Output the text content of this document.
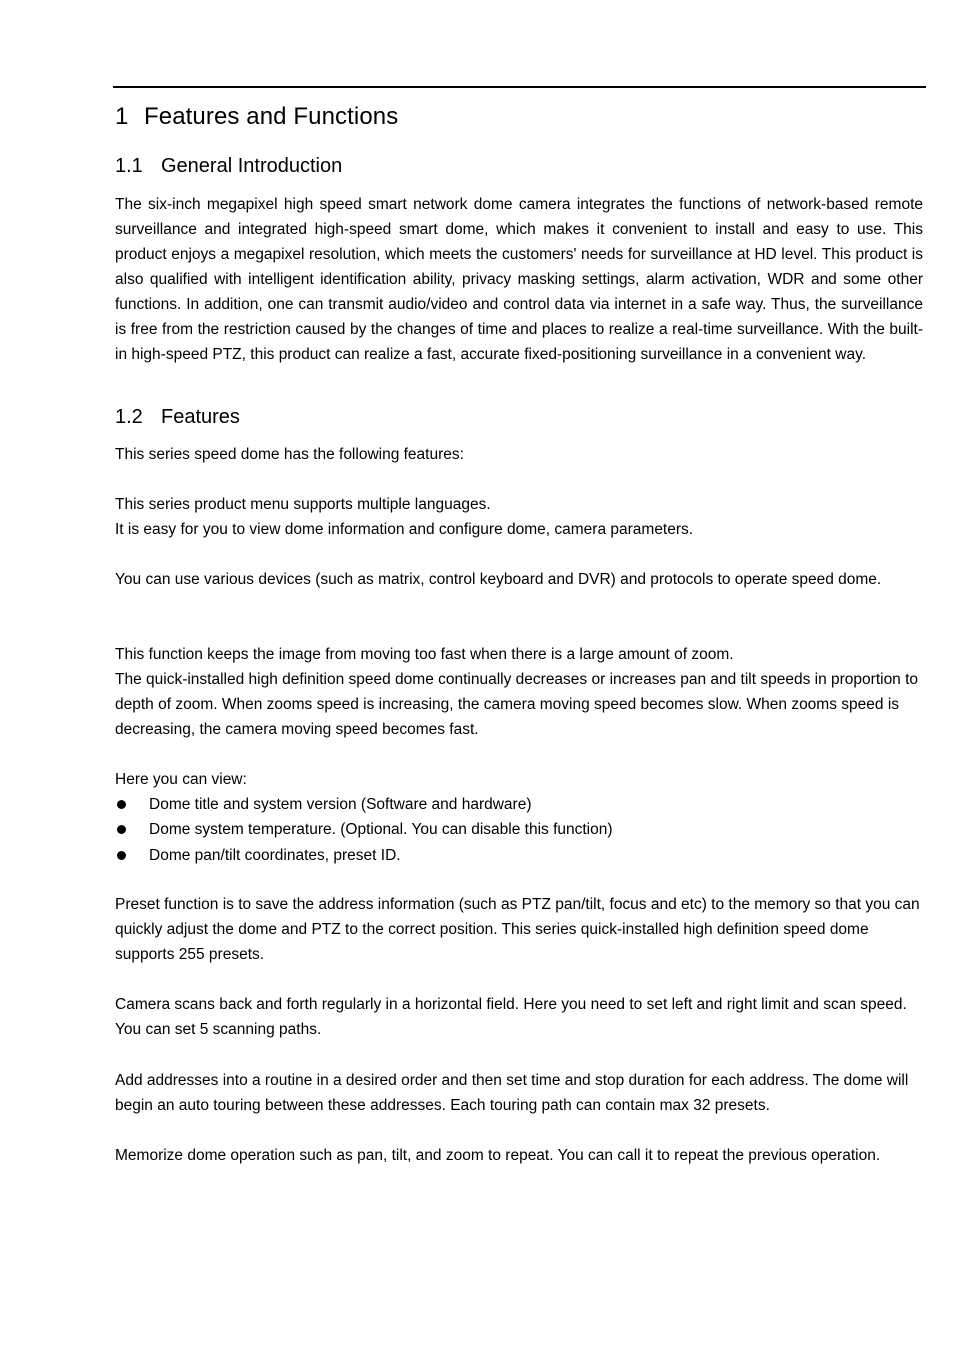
1 Features and Functions
1.1 General Introduction

The six-inch megapixel high speed smart network dome camera integrates the functions of network-based remote surveillance and integrated high-speed smart dome, which makes it convenient to install and easy to use. This product enjoys a megapixel resolution, which meets the customers' needs for surveillance at HD level. This product is also qualified with intelligent identification ability, privacy masking settings, alarm activation, WDR and some other functions. In addition, one can transmit audio/video and control data via internet in a safe way. Thus, the surveillance is free from the restriction caused by the changes of time and places to realize a real-time surveillance. With the built-in high-speed PTZ, this product can realize a fast, accurate fixed-positioning surveillance in a convenient way.

1.2 Features

This series speed dome has the following features:

This series product menu supports multiple languages.

It is easy for you to view dome information and configure dome, camera parameters.

You can use various devices (such as matrix, control keyboard and DVR) and protocols to operate speed dome.

This function keeps the image from moving too fast when there is a large amount of zoom.

The quick-installed high definition speed dome continually decreases or increases pan and tilt speeds in proportion to depth of zoom. When zooms speed is increasing, the camera moving speed becomes slow. When zooms speed is decreasing, the camera moving speed becomes fast.

Here you can view:

Dome title and system version (Software and hardware)
Dome system temperature. (Optional. You can disable this function)
Dome pan/tilt coordinates, preset ID.

Preset function is to save the address information (such as PTZ pan/tilt, focus and etc) to the memory so that you can quickly adjust the dome and PTZ to the correct position. This series quick-installed high definition speed dome supports 255 presets.

Camera scans back and forth regularly in a horizontal field. Here you need to set left and right limit and scan speed. You can set 5 scanning paths.

Add addresses into a routine in a desired order and then set time and stop duration for each address. The dome will begin an auto touring between these addresses. Each touring path can contain max 32 presets.

Memorize dome operation such as pan, tilt, and zoom to repeat. You can call it to repeat the previous operation.
